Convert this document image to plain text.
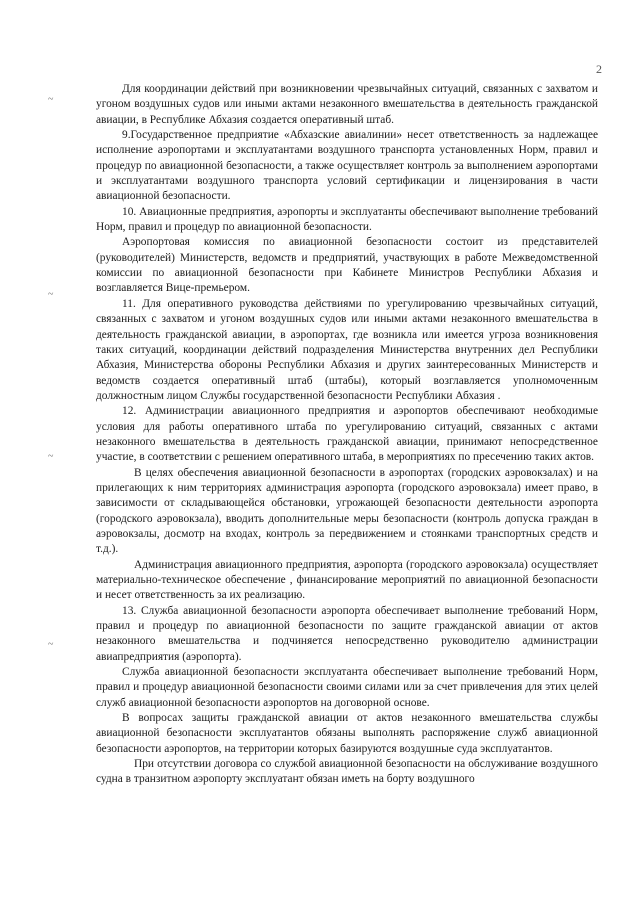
2
~
~
~
~

Для координации действий при возникновении чрезвычайных ситуаций, связанных с захватом и угоном воздушных судов или иными актами незаконного вмешательства в деятельность гражданской авиации, в Республике Абхазия создается оперативный штаб.

9.Государственное предприятие «Абхазские авиалинии» несет ответственность за надлежащее исполнение аэропортами и эксплуатантами воздушного транспорта установленных Норм, правил и процедур по авиационной безопасности, а также осуществляет контроль за выполнением аэропортами и эксплуатантами воздушного транспорта условий сертификации и лицензирования в части авиационной безопасности.

10. Авиационные предприятия, аэропорты и эксплуатанты обеспечивают выполнение требований Норм, правил и процедур по авиационной безопасности.

Аэропортовая комиссия по авиационной безопасности состоит из представителей (руководителей) Министерств, ведомств и предприятий, участвующих в работе Межведомственной комиссии по авиационной безопасности при Кабинете Министров Республики Абхазия и возглавляется Вице-премьером.

11. Для оперативного руководства действиями по урегулированию чрезвычайных ситуаций, связанных с захватом и угоном воздушных судов или иными актами незаконного вмешательства в деятельность гражданской авиации, в аэропортах, где возникла или имеется угроза возникновения таких ситуаций, координации действий подразделения Министерства внутренних дел Республики Абхазия, Министерства обороны Республики Абхазия и других заинтересованных Министерств и ведомств создается оперативный штаб (штабы), который возглавляется уполномоченным должностным лицом Службы государственной безопасности Республики Абхазия .

12. Администрации авиационного предприятия и аэропортов обеспечивают необходимые условия для работы оперативного штаба по урегулированию ситуаций, связанных с актами незаконного вмешательства в деятельность гражданской авиации, принимают непосредственное участие, в соответствии с решением оперативного штаба, в мероприятиях по пресечению таких актов.

В целях обеспечения авиационной безопасности в аэропортах (городских аэровокзалах) и на прилегающих к ним территориях администрация аэропорта (городского аэровокзала) имеет право, в зависимости от складывающейся обстановки, угрожающей безопасности деятельности аэропорта (городского аэровокзала), вводить дополнительные меры безопасности (контроль допуска граждан в аэровокзалы, досмотр на входах, контроль за передвижением и стоянками транспортных средств и т.д.).

Администрация авиационного предприятия, аэропорта (городского аэровокзала) осуществляет материально-техническое обеспечение , финансирование мероприятий по авиационной безопасности и несет ответственность за их реализацию.

13. Служба авиационной безопасности аэропорта обеспечивает выполнение требований Норм, правил и процедур по авиационной безопасности по защите гражданской авиации от актов незаконного вмешательства и подчиняется непосредственно руководителю администрации авиапредприятия (аэропорта).

Служба авиационной безопасности эксплуатанта обеспечивает выполнение требований Норм, правил и процедур авиационной безопасности своими силами или за счет привлечения для этих целей служб авиационной безопасности аэропортов на договорной основе.

В вопросах защиты гражданской авиации от актов незаконного вмешательства службы авиационной безопасности эксплуатантов обязаны выполнять распоряжение служб авиационной безопасности аэропортов, на территории которых базируются воздушные суда эксплуатантов.

При отсутствии договора со службой авиационной безопасности на обслуживание воздушного судна в транзитном аэропорту эксплуатант обязан иметь на борту воздушного
